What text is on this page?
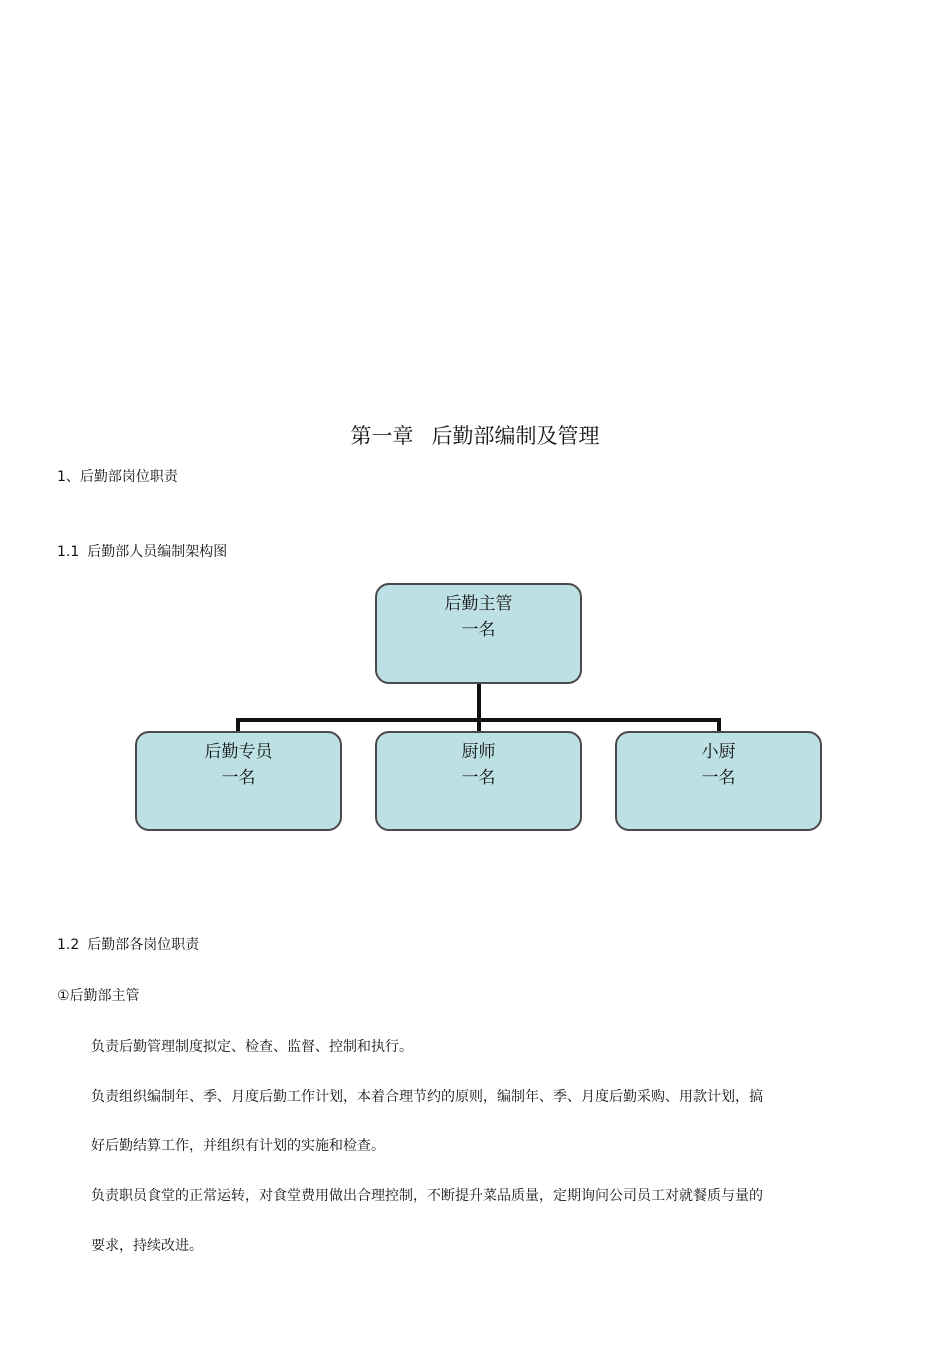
第一章 后勤部编制及管理
1、后勤部岗位职责
1.1 后勤部人员编制架构图
后勤主管
一名
后勤专员
一名
厨师
一名
小厨
一名
1.2 后勤部各岗位职责
①后勤部主管
负责后勤管理制度拟定、检查、监督、控制和执行。
负责组织编制年、季、月度后勤工作计划，本着合理节约的原则，编制年、季、月度后勤采购、用款计划，搞
好后勤结算工作，并组织有计划的实施和检查。
负责职员食堂的正常运转，对食堂费用做出合理控制，不断提升菜品质量，定期询问公司员工对就餐质与量的
要求，持续改进。
